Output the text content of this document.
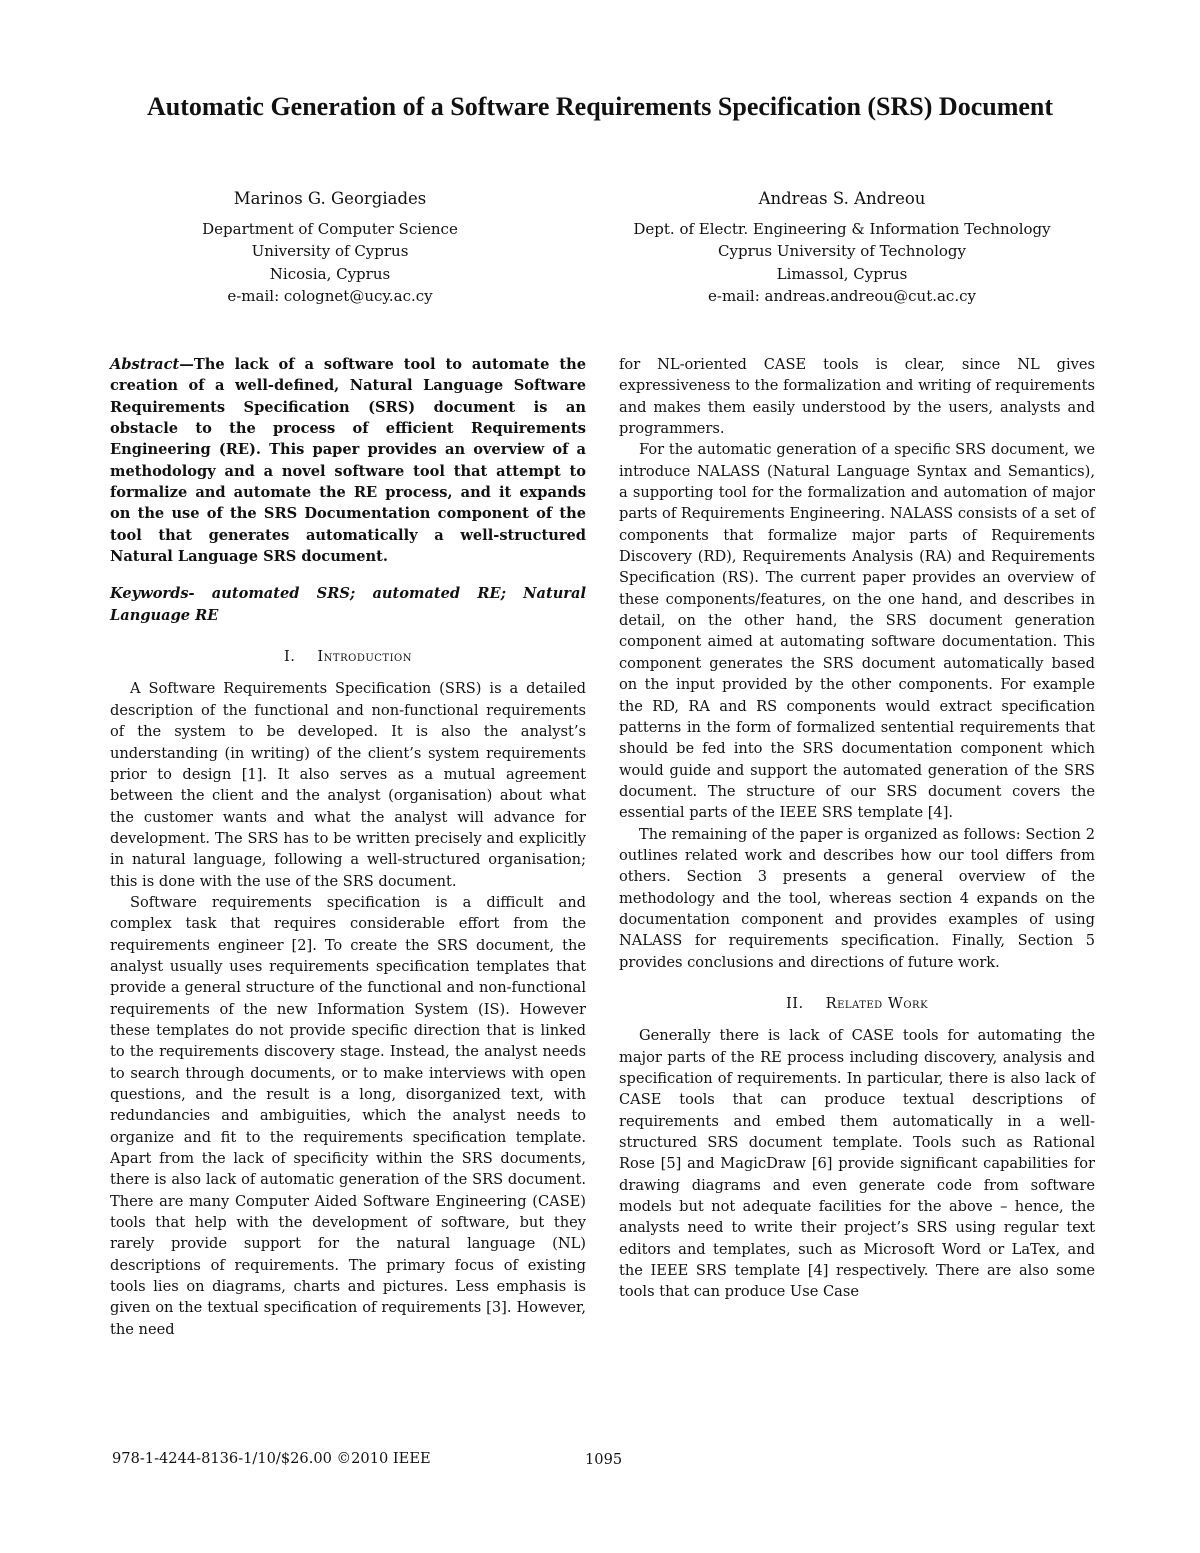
Automatic Generation of a Software Requirements Specification (SRS) Document
Marinos G. Georgiades
Department of Computer Science
University of Cyprus
Nicosia, Cyprus
e-mail: colognet@ucy.ac.cy
Andreas S. Andreou
Dept. of Electr. Engineering & Information Technology
Cyprus University of Technology
Limassol, Cyprus
e-mail: andreas.andreou@cut.ac.cy

Abstract—The lack of a software tool to automate the creation of a well-defined, Natural Language Software Requirements Specification (SRS) document is an obstacle to the process of efficient Requirements Engineering (RE). This paper provides an overview of a methodology and a novel software tool that attempt to formalize and automate the RE process, and it expands on the use of the SRS Documentation component of the tool that generates automatically a well-structured Natural Language SRS document.

Keywords- automated SRS; automated RE; Natural Language RE

I. Introduction

A Software Requirements Specification (SRS) is a detailed description of the functional and non-functional requirements of the system to be developed. It is also the analyst’s understanding (in writing) of the client’s system requirements prior to design [1]. It also serves as a mutual agreement between the client and the analyst (organisation) about what the customer wants and what the analyst will advance for development. The SRS has to be written precisely and explicitly in natural language, following a well-structured organisation; this is done with the use of the SRS document.

Software requirements specification is a difficult and complex task that requires considerable effort from the requirements engineer [2]. To create the SRS document, the analyst usually uses requirements specification templates that provide a general structure of the functional and non-functional requirements of the new Information System (IS). However these templates do not provide specific direction that is linked to the requirements discovery stage. Instead, the analyst needs to search through documents, or to make interviews with open questions, and the result is a long, disorganized text, with redundancies and ambiguities, which the analyst needs to organize and fit to the requirements specification template. Apart from the lack of specificity within the SRS documents, there is also lack of automatic generation of the SRS document. There are many Computer Aided Software Engineering (CASE) tools that help with the development of software, but they rarely provide support for the natural language (NL) descriptions of requirements. The primary focus of existing tools lies on diagrams, charts and pictures. Less emphasis is given on the textual specification of requirements [3]. However, the need

for NL-oriented CASE tools is clear, since NL gives expressiveness to the formalization and writing of requirements and makes them easily understood by the users, analysts and programmers.

For the automatic generation of a specific SRS document, we introduce NALASS (Natural Language Syntax and Semantics), a supporting tool for the formalization and automation of major parts of Requirements Engineering. NALASS consists of a set of components that formalize major parts of Requirements Discovery (RD), Requirements Analysis (RA) and Requirements Specification (RS). The current paper provides an overview of these components/features, on the one hand, and describes in detail, on the other hand, the SRS document generation component aimed at automating software documentation. This component generates the SRS document automatically based on the input provided by the other components. For example the RD, RA and RS components would extract specification patterns in the form of formalized sentential requirements that should be fed into the SRS documentation component which would guide and support the automated generation of the SRS document. The structure of our SRS document covers the essential parts of the IEEE SRS template [4].

The remaining of the paper is organized as follows: Section 2 outlines related work and describes how our tool differs from others. Section 3 presents a general overview of the methodology and the tool, whereas section 4 expands on the documentation component and provides examples of using NALASS for requirements specification. Finally, Section 5 provides conclusions and directions of future work.

II. Related Work

Generally there is lack of CASE tools for automating the major parts of the RE process including discovery, analysis and specification of requirements. In particular, there is also lack of CASE tools that can produce textual descriptions of requirements and embed them automatically in a well-structured SRS document template. Tools such as Rational Rose [5] and MagicDraw [6] provide significant capabilities for drawing diagrams and even generate code from software models but not adequate facilities for the above – hence, the analysts need to write their project’s SRS using regular text editors and templates, such as Microsoft Word or LaTex, and the IEEE SRS template [4] respectively. There are also some tools that can produce Use Case

978-1-4244-8136-1/10/$26.00 ©2010 IEEE	1095
